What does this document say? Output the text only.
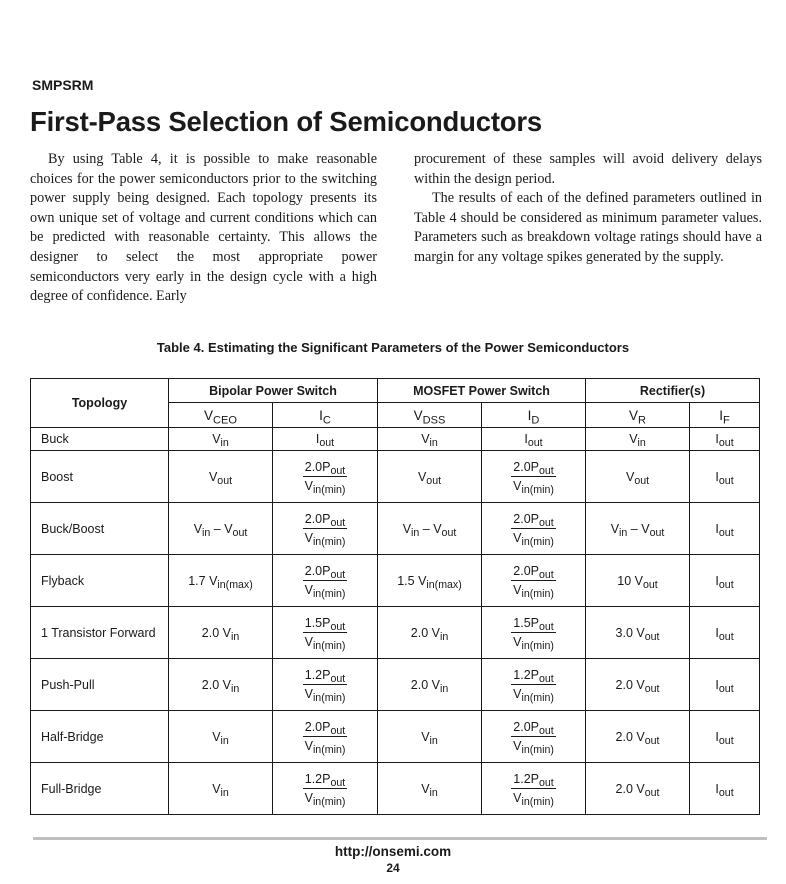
SMPSRM
First-Pass Selection of Semiconductors

By using Table 4, it is possible to make reasonable choices for the power semiconductors prior to the switching power supply being designed. Each topology presents its own unique set of voltage and current conditions which can be predicted with reasonable certainty. This allows the designer to select the most appropriate power semiconductors very early in the design cycle with a high degree of confidence. Early

procurement of these samples will avoid delivery delays within the design period.

The results of each of the defined parameters outlined in Table 4 should be considered as minimum parameter values. Parameters such as breakdown voltage ratings should have a margin for any voltage spikes generated by the supply.

Table 4. Estimating the Significant Parameters of the Power Semiconductors
Topology	Bipolar Power Switch		MOSFET Power Switch		Rectifier(s)	
	$V_{CEO}$	$I_C$	$V_{DSS}$	$I_D$	$V_R$	$I_F$
Buck	$V_{in}$	$I_{out}$	$V_{in}$	$I_{out}$	$V_{in}$	$I_{out}$
Boost	$V_{out}$	$\frac{2.0P_{out}}{V_{in(min)}}$	$V_{out}$	$\frac{2.0P_{out}}{V_{in(min)}}$	$V_{out}$	$I_{out}$
Buck/Boost	$V_{in} - V_{out}$	$\frac{2.0P_{out}}{V_{in(min)}}$	$V_{in} - V_{out}$	$\frac{2.0P_{out}}{V_{in(min)}}$	$V_{in} - V_{out}$	$I_{out}$
Flyback	1.7 $V_{in(max)}$	$\frac{2.0P_{out}}{V_{in(min)}}$	1.5 $V_{in(max)}$	$\frac{2.0P_{out}}{V_{in(min)}}$	10 $V_{out}$	$I_{out}$
1 Transistor Forward	2.0 $V_{in}$	$\frac{1.5P_{out}}{V_{in(min)}}$	2.0 $V_{in}$	$\frac{1.5P_{out}}{V_{in(min)}}$	3.0 $V_{out}$	$I_{out}$
Push-Pull	2.0 $V_{in}$	$\frac{1.2P_{out}}{V_{in(min)}}$	2.0 $V_{in}$	$\frac{1.2P_{out}}{V_{in(min)}}$	2.0 $V_{out}$	$I_{out}$
Half-Bridge	$V_{in}$	$\frac{2.0P_{out}}{V_{in(min)}}$	$V_{in}$	$\frac{2.0P_{out}}{V_{in(min)}}$	2.0 $V_{out}$	$I_{out}$
Full-Bridge	$V_{in}$	$\frac{1.2P_{out}}{V_{in(min)}}$	$V_{in}$	$\frac{1.2P_{out}}{V_{in(min)}}$	2.0 $V_{out}$	$I_{out}$
http://onsemi.com
24
